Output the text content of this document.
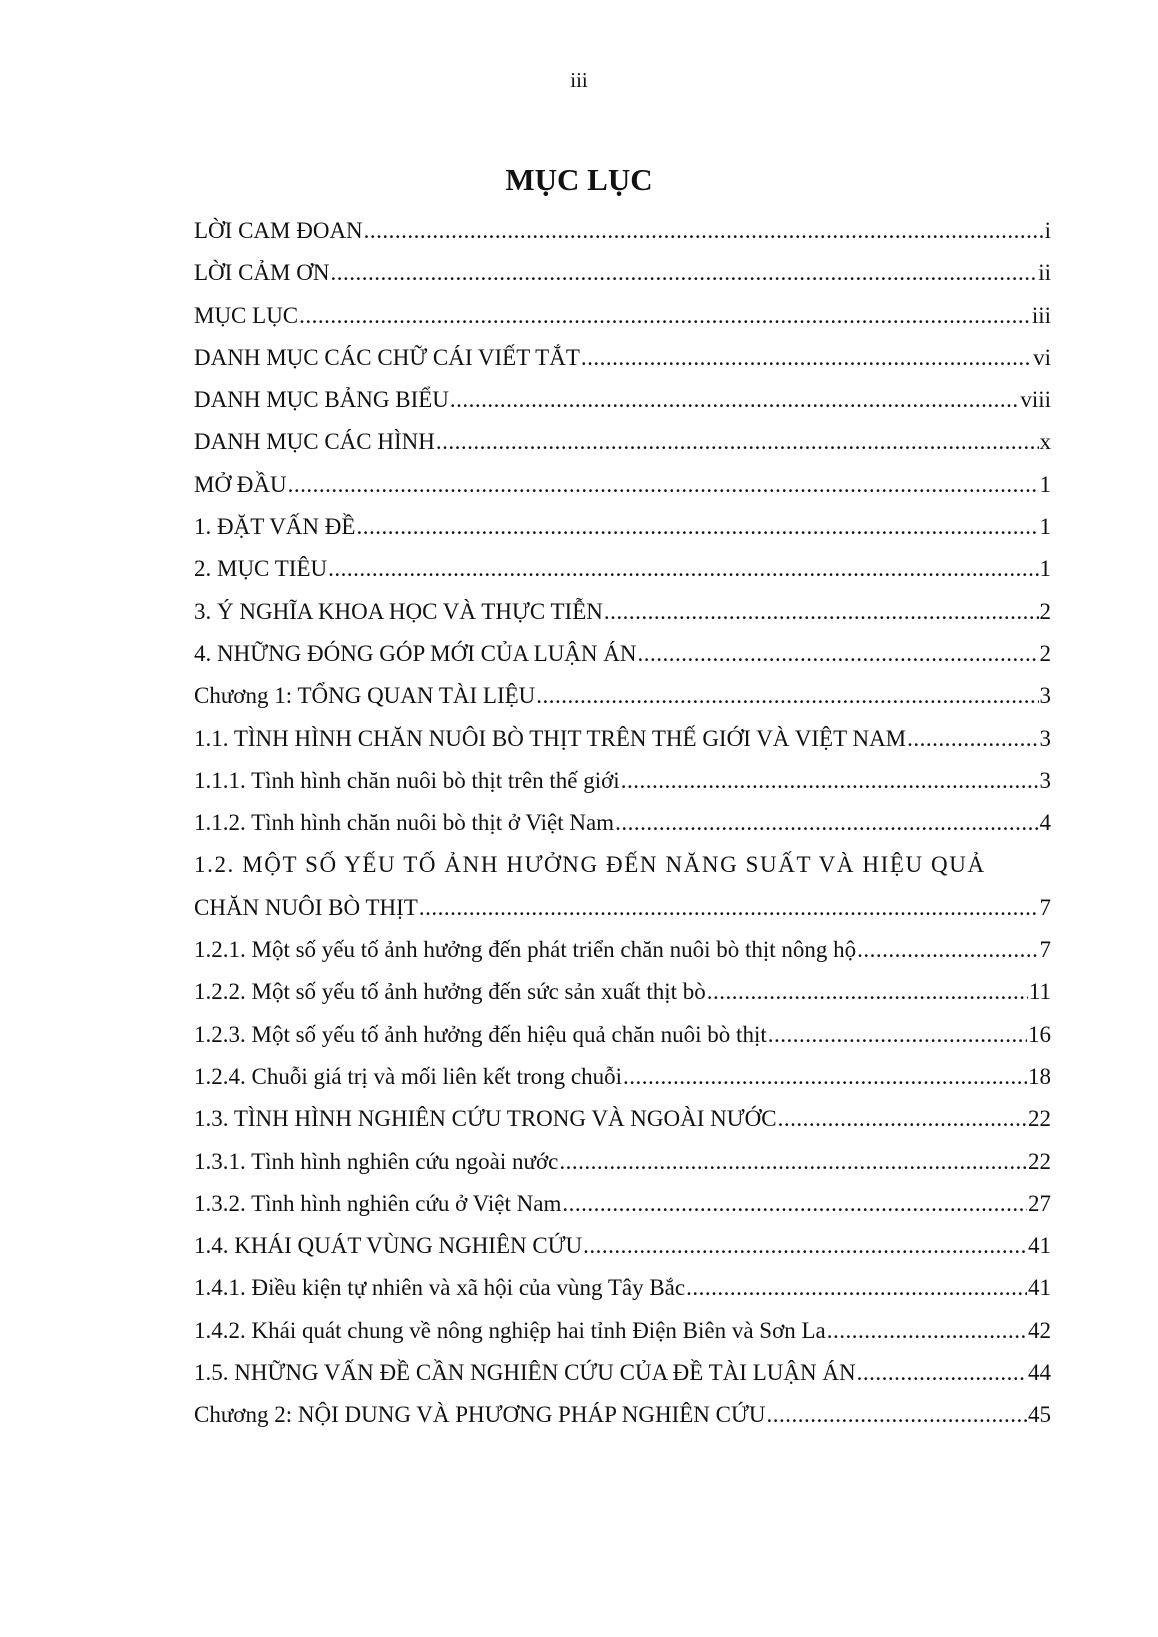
iii
MỤC LỤC
LỜI CAM ĐOAN .....	i
LỜI CẢM ƠN .....	ii
MỤC LỤC .....	iii
DANH MỤC CÁC CHỮ CÁI VIẾT TẮT .....	vi
DANH MỤC BẢNG BIỂU .....	viii
DANH MỤC CÁC HÌNH .....	x
MỞ ĐẦU .....	1
1. ĐẶT VẤN ĐỀ .....	1
2. MỤC TIÊU .....	1
3. Ý NGHĨA KHOA HỌC VÀ THỰC TIỄN .....	2
4. NHỮNG ĐÓNG GÓP MỚI CỦA LUẬN ÁN .....	2
Chương 1: TỔNG QUAN TÀI LIỆU .....	3
1.1. TÌNH HÌNH CHĂN NUÔI BÒ THỊT TRÊN THẾ GIỚI VÀ VIỆT NAM .....	3
1.1.1. Tình hình chăn nuôi bò thịt trên thế giới .....	3
1.1.2. Tình hình chăn nuôi bò thịt ở Việt Nam .....	4
1.2. MỘT SỐ YẾU TỐ ẢNH HƯỞNG ĐẾN NĂNG SUẤT VÀ HIỆU QUẢ
CHĂN NUÔI BÒ THỊT .....	7
1.2.1. Một số yếu tố ảnh hưởng đến phát triển chăn nuôi bò thịt nông hộ .....	7
1.2.2. Một số yếu tố ảnh hưởng đến sức sản xuất thịt bò .....	11
1.2.3. Một số yếu tố ảnh hưởng đến hiệu quả chăn nuôi bò thịt .....	16
1.2.4. Chuỗi giá trị và mối liên kết trong chuỗi .....	18
1.3. TÌNH HÌNH NGHIÊN CỨU TRONG VÀ NGOÀI NƯỚC .....	22
1.3.1. Tình hình nghiên cứu ngoài nước .....	22
1.3.2. Tình hình nghiên cứu ở Việt Nam .....	27
1.4. KHÁI QUÁT VÙNG NGHIÊN CỨU .....	41
1.4.1. Điều kiện tự nhiên và xã hội của vùng Tây Bắc .....	41
1.4.2. Khái quát chung về nông nghiệp hai tỉnh Điện Biên và Sơn La .....	42
1.5. NHỮNG VẤN ĐỀ CẦN NGHIÊN CỨU CỦA ĐỀ TÀI LUẬN ÁN .....	44
Chương 2: NỘI DUNG VÀ PHƯƠNG PHÁP NGHIÊN CỨU .....	45
